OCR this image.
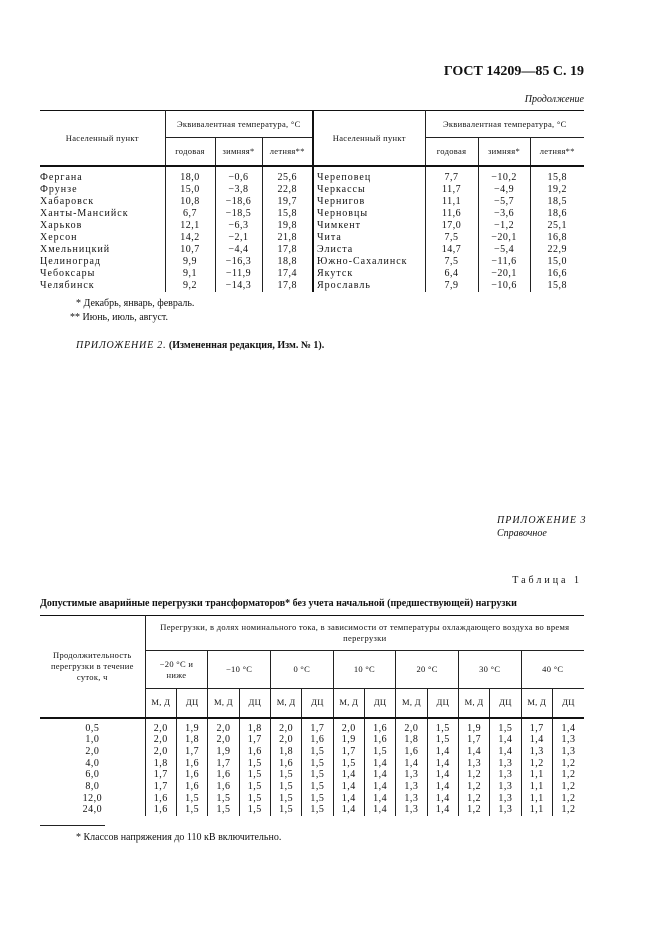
ГОСТ 14209—85 С. 19
Продолжение
Населенный пункт	Эквивалентная температура, °С			Населенный пункт	Эквивалентная температура, °С		
	годовая	зимняя*	летняя**		годовая	зимняя*	летняя**
Фергана	18,0	−0,6	25,6	Череповец	7,7	−10,2	15,8
Фрунзе	15,0	−3,8	22,8	Черкассы	11,7	−4,9	19,2
Хабаровск	10,8	−18,6	19,7	Чернигов	11,1	−5,7	18,5
Ханты-Мансийск	6,7	−18,5	15,8	Черновцы	11,6	−3,6	18,6
Харьков	12,1	−6,3	19,8	Чимкент	17,0	−1,2	25,1
Херсон	14,2	−2,1	21,8	Чита	7,5	−20,1	16,8
Хмельницкий	10,7	−4,4	17,8	Элиста	14,7	−5,4	22,9
Целиноград	9,9	−16,3	18,8	Южно-Сахалинск	7,5	−11,6	15,0
Чебоксары	9,1	−11,9	17,4	Якутск	6,4	−20,1	16,6
Челябинск	9,2	−14,3	17,8	Ярославль	7,9	−10,6	15,8
* Декабрь, январь, февраль.
** Июнь, июль, август.
ПРИЛОЖЕНИЕ 2. (Измененная редакция, Изм. № 1).
ПРИЛОЖЕНИЕ 3
Справочное
Таблица 1
Допустимые аварийные перегрузки трансформаторов* без учета начальной (предшествующей) нагрузки
Продолжительность перегрузки в течение суток, ч	Перегрузки, в долях номинального тока, в зависимости от температуры охлаждающего воздуха во время перегрузки													
	−20 °С и ниже		−10 °С		0 °С		10 °С		20 °С		30 °С		40 °С	
	М, Д	ДЦ	М, Д	ДЦ	М, Д	ДЦ	М, Д	ДЦ	М, Д	ДЦ	М, Д	ДЦ	М, Д	ДЦ
0,5	2,0	1,9	2,0	1,8	2,0	1,7	2,0	1,6	2,0	1,5	1,9	1,5	1,7	1,4
1,0	2,0	1,8	2,0	1,7	2,0	1,6	1,9	1,6	1,8	1,5	1,7	1,4	1,4	1,3
2,0	2,0	1,7	1,9	1,6	1,8	1,5	1,7	1,5	1,6	1,4	1,4	1,4	1,3	1,3
4,0	1,8	1,6	1,7	1,5	1,6	1,5	1,5	1,4	1,4	1,4	1,3	1,3	1,2	1,2
6,0	1,7	1,6	1,6	1,5	1,5	1,5	1,4	1,4	1,3	1,4	1,2	1,3	1,1	1,2
8,0	1,7	1,6	1,6	1,5	1,5	1,5	1,4	1,4	1,3	1,4	1,2	1,3	1,1	1,2
12,0	1,6	1,5	1,5	1,5	1,5	1,5	1,4	1,4	1,3	1,4	1,2	1,3	1,1	1,2
24,0	1,6	1,5	1,5	1,5	1,5	1,5	1,4	1,4	1,3	1,4	1,2	1,3	1,1	1,2
* Классов напряжения до 110 кВ включительно.
